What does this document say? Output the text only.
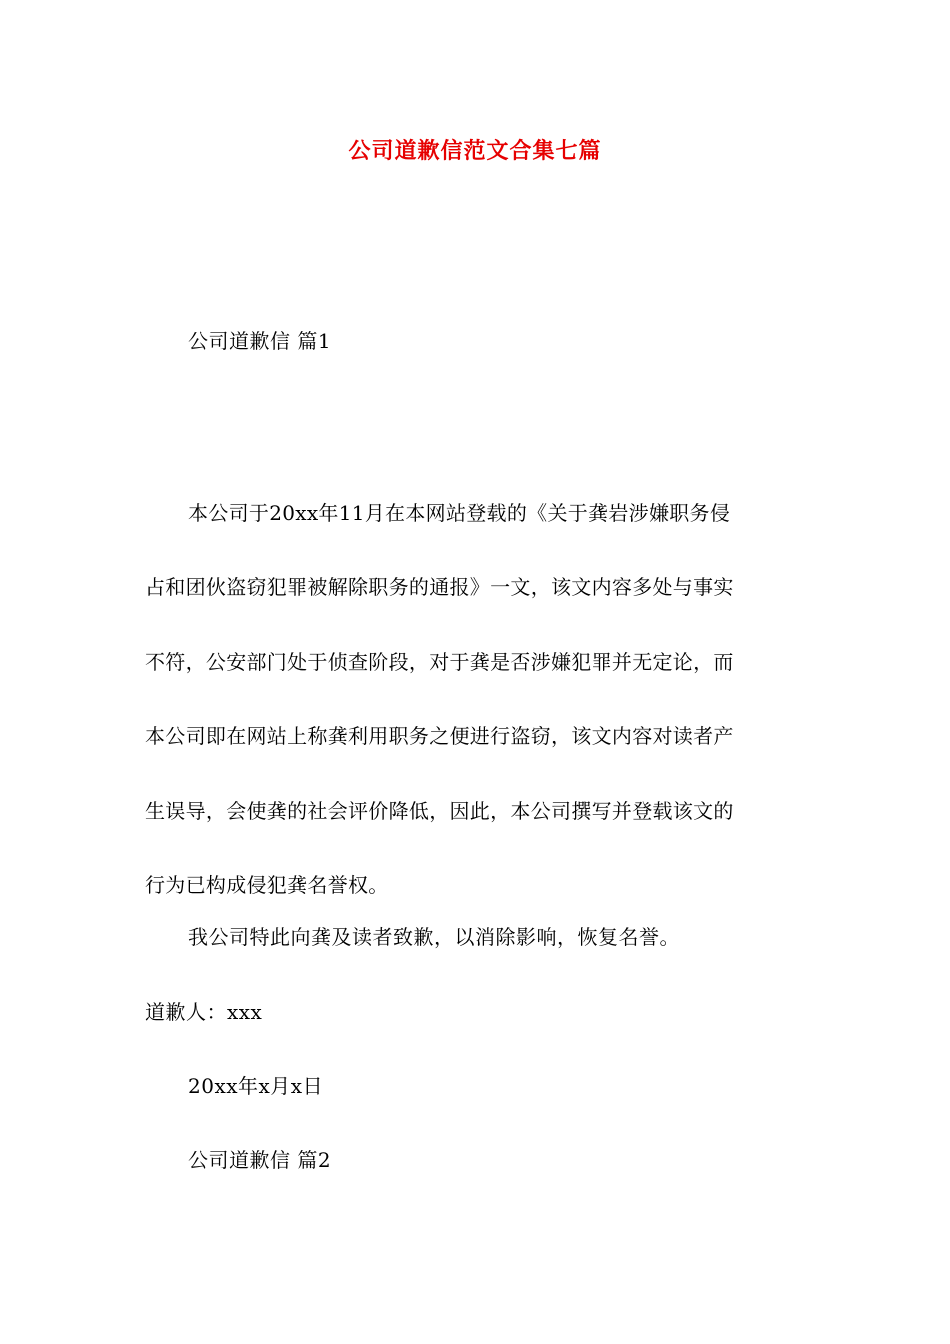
公司道歉信范文合集七篇
公司道歉信 篇1
本公司于20xx年11月在本网站登载的《关于龚岩涉嫌职务侵
占和团伙盗窃犯罪被解除职务的通报》一文，该文内容多处与事实
不符，公安部门处于侦查阶段，对于龚是否涉嫌犯罪并无定论，而
本公司即在网站上称龚利用职务之便进行盗窃，该文内容对读者产
生误导，会使龚的社会评价降低，因此，本公司撰写并登载该文的
行为已构成侵犯龚名誉权。
我公司特此向龚及读者致歉，以消除影响，恢复名誉。
道歉人：xxx
20xx年x月x日
公司道歉信 篇2
